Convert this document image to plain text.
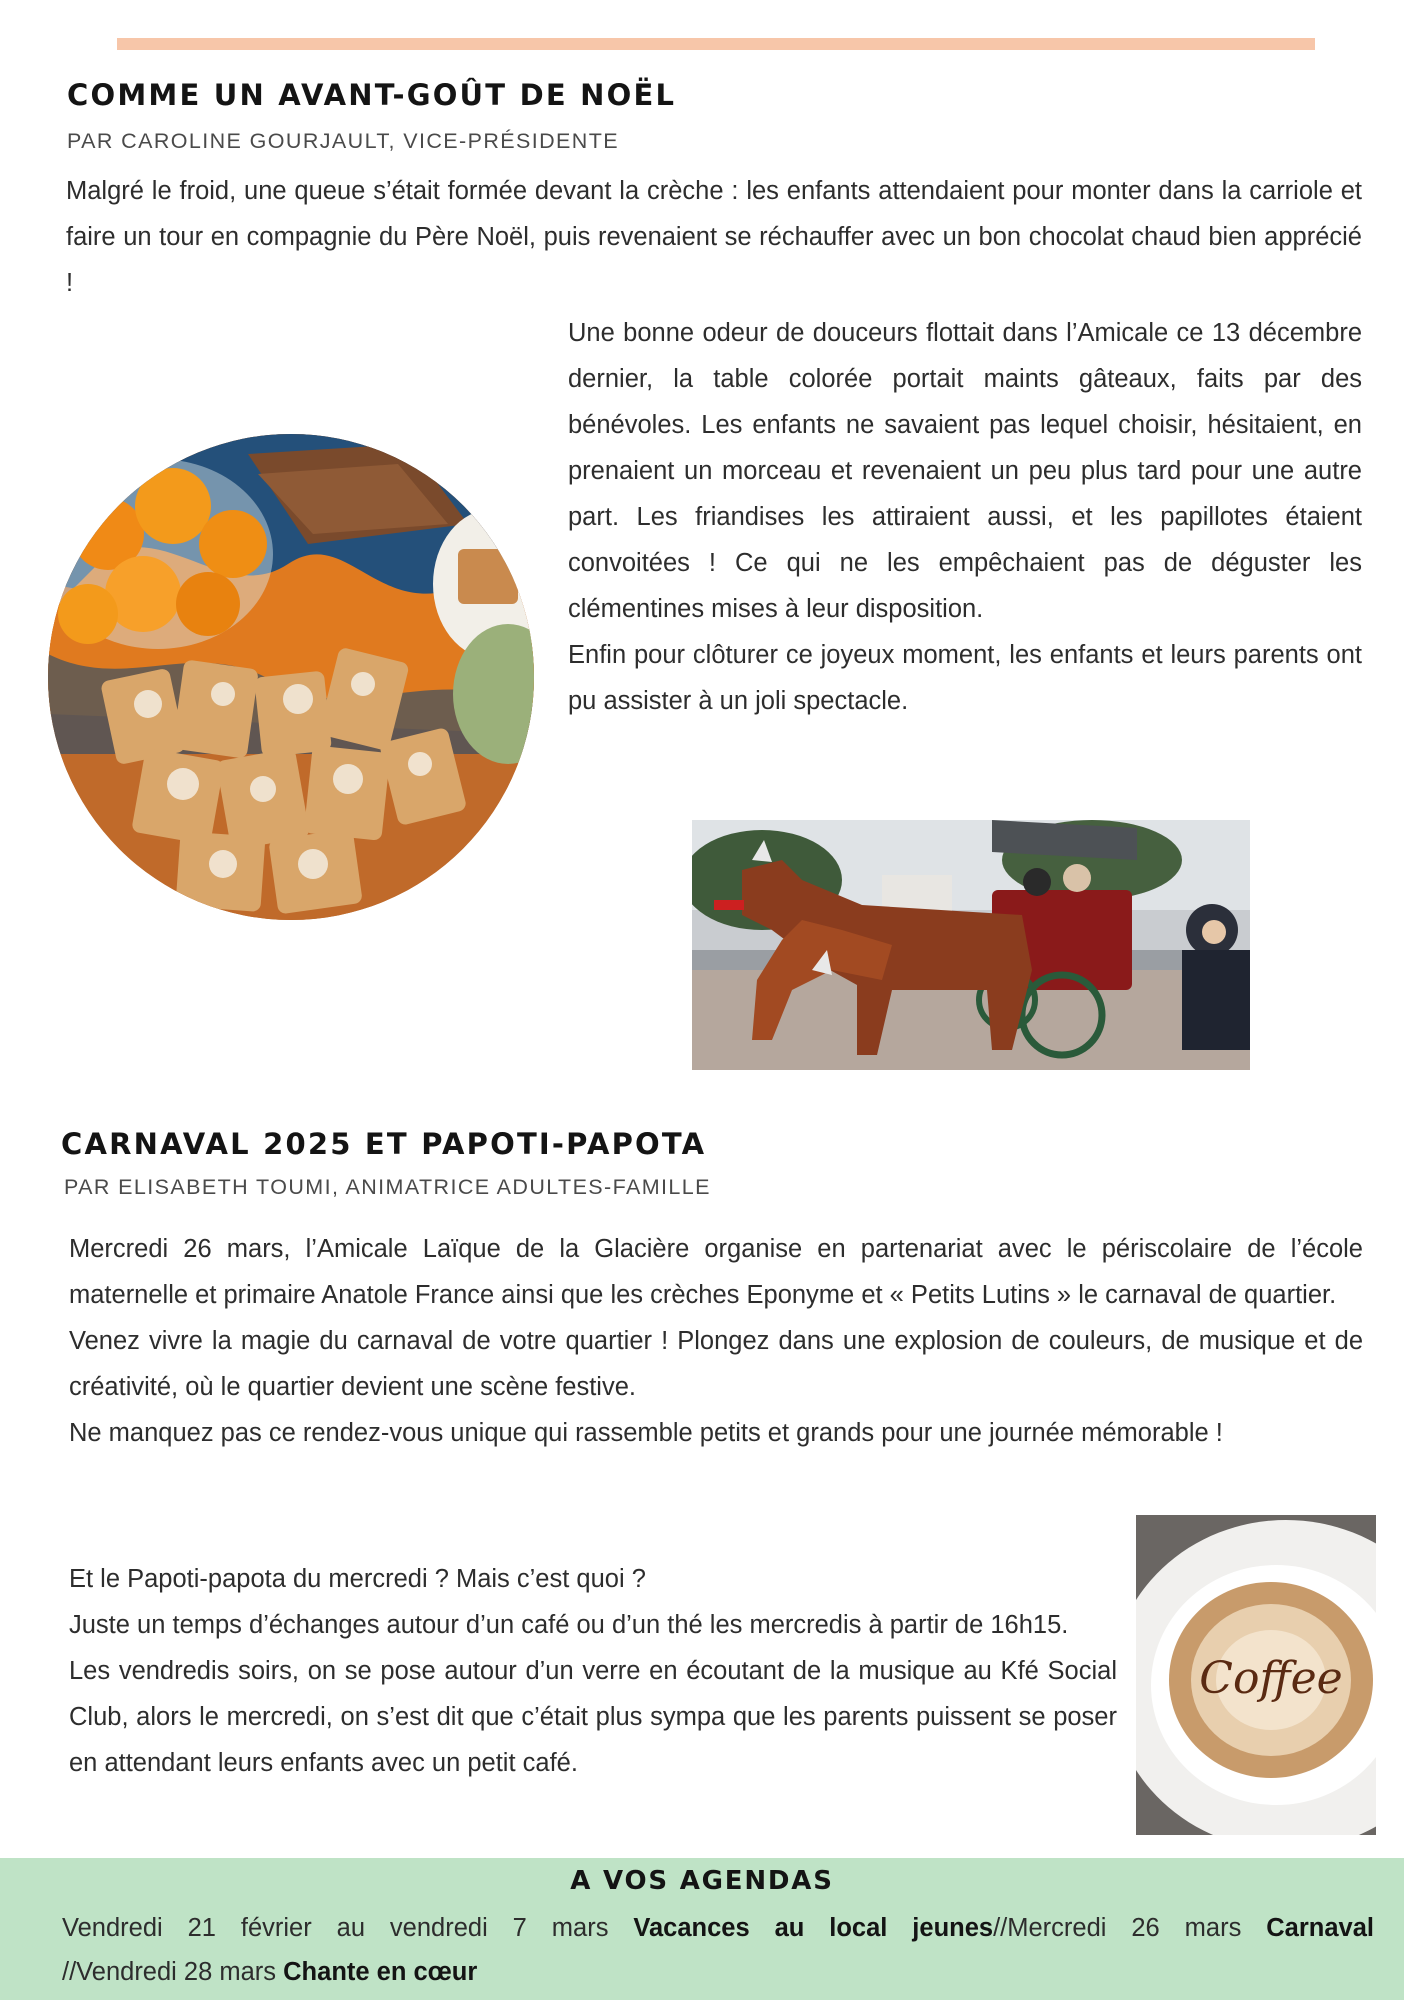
COMME UN AVANT-GOÛT DE NOËL

PAR CAROLINE GOURJAULT, VICE-PRÉSIDENTE

Malgré le froid, une queue s’était formée devant la crèche : les enfants attendaient pour monter dans la carriole et faire un tour en compagnie du Père Noël, puis revenaient se réchauffer avec un bon chocolat chaud bien apprécié !

Une bonne odeur de douceurs flottait dans l’Amicale ce 13 décembre dernier, la table colorée portait maints gâteaux, faits par des bénévoles. Les enfants ne savaient pas lequel choisir, hésitaient, en prenaient un morceau et revenaient un peu plus tard pour une autre part. Les friandises les attiraient aussi, et les papillotes étaient convoitées ! Ce qui ne les empêchaient pas de déguster les clémentines mises à leur disposition.

Enfin pour clôturer ce joyeux moment, les enfants et leurs parents ont pu assister à un joli spectacle.

CARNAVAL 2025 ET PAPOTI-PAPOTA

PAR ELISABETH TOUMI, ANIMATRICE ADULTES-FAMILLE

Mercredi 26 mars, l’Amicale Laïque de la Glacière organise en partenariat avec le périscolaire de l’école maternelle et primaire Anatole France ainsi que les crèches Eponyme et « Petits Lutins » le carnaval de quartier.

Venez vivre la magie du carnaval de votre quartier ! Plongez dans une explosion de couleurs, de musique et de créativité, où le quartier devient une scène festive.

Ne manquez pas ce rendez-vous unique qui rassemble petits et grands pour une journée mémorable !

Et le Papoti-papota du mercredi ? Mais c’est quoi ?

Juste un temps d’échanges autour d’un café ou d’un thé les mercredis à partir de 16h15.

Les vendredis soirs, on se pose autour d’un verre en écoutant de la musique au Kfé Social Club, alors le mercredi, on s’est dit que c’était plus sympa que les parents puissent se poser en attendant leurs enfants avec un petit café.

Coffee
A VOS AGENDAS

Vendredi 21 février au vendredi 7 mars Vacances au local jeunes//Mercredi 26 mars Carnaval

//Vendredi 28 mars Chante en cœur
